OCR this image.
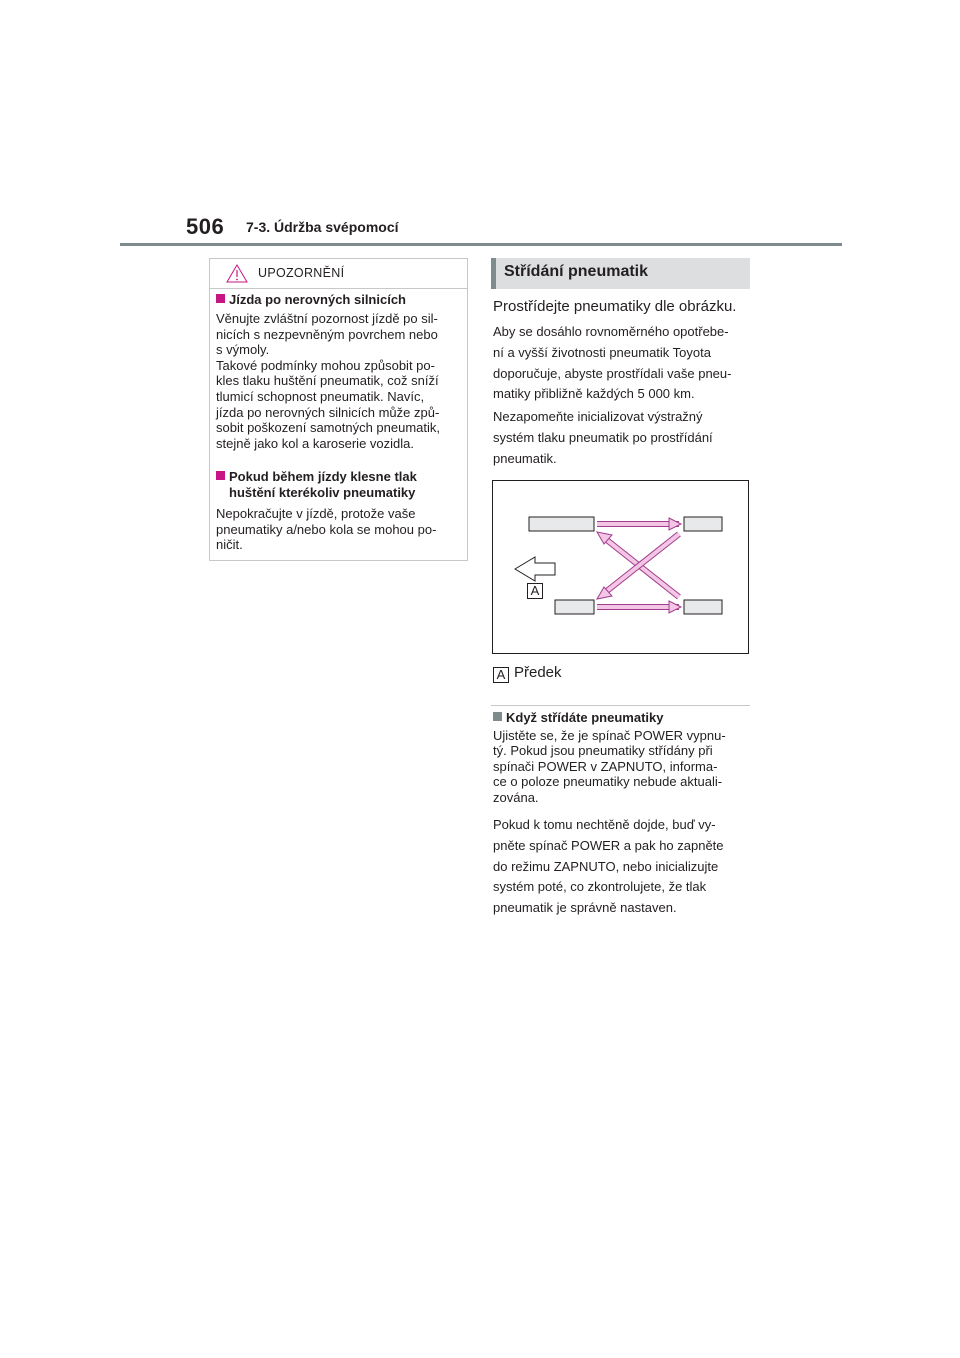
506 7-3. Údržba svépomocí
UPOZORNĚNÍ
Jízda po nerovných silnicích
Věnujte zvláštní pozornost jízdě po sil-
nicích s nezpevněným povrchem nebo
s výmoly.
Takové podmínky mohou způsobit po-
kles tlaku huštění pneumatik, což sníží
tlumicí schopnost pneumatik. Navíc,
jízda po nerovných silnicích může způ-
sobit poškození samotných pneumatik,
stejně jako kol a karoserie vozidla.
Pokud během jízdy klesne tlak huštění kterékoliv pneumatiky
Nepokračujte v jízdě, protože vaše
pneumatiky a/nebo kola se mohou po-
ničit.
Střídání pneumatik
Prostřídejte pneumatiky dle obrázku.
Aby se dosáhlo rovnoměrného opotřebe-
ní a vyšší životnosti pneumatik Toyota
doporučuje, abyste prostřídali vaše pneu-
matiky přibližně každých 5 000 km.
Nezapomeňte inicializovat výstražný
systém tlaku pneumatik po prostřídání
pneumatik.
A
A Předek
Když střídáte pneumatiky
Ujistěte se, že je spínač POWER vypnu-
tý. Pokud jsou pneumatiky střídány při
spínači POWER v ZAPNUTO, informa-
ce o poloze pneumatiky nebude aktuali-
zována.
Pokud k tomu nechtěně dojde, buď vy-
pněte spínač POWER a pak ho zapněte
do režimu ZAPNUTO, nebo inicializujte
systém poté, co zkontrolujete, že tlak
pneumatik je správně nastaven.
